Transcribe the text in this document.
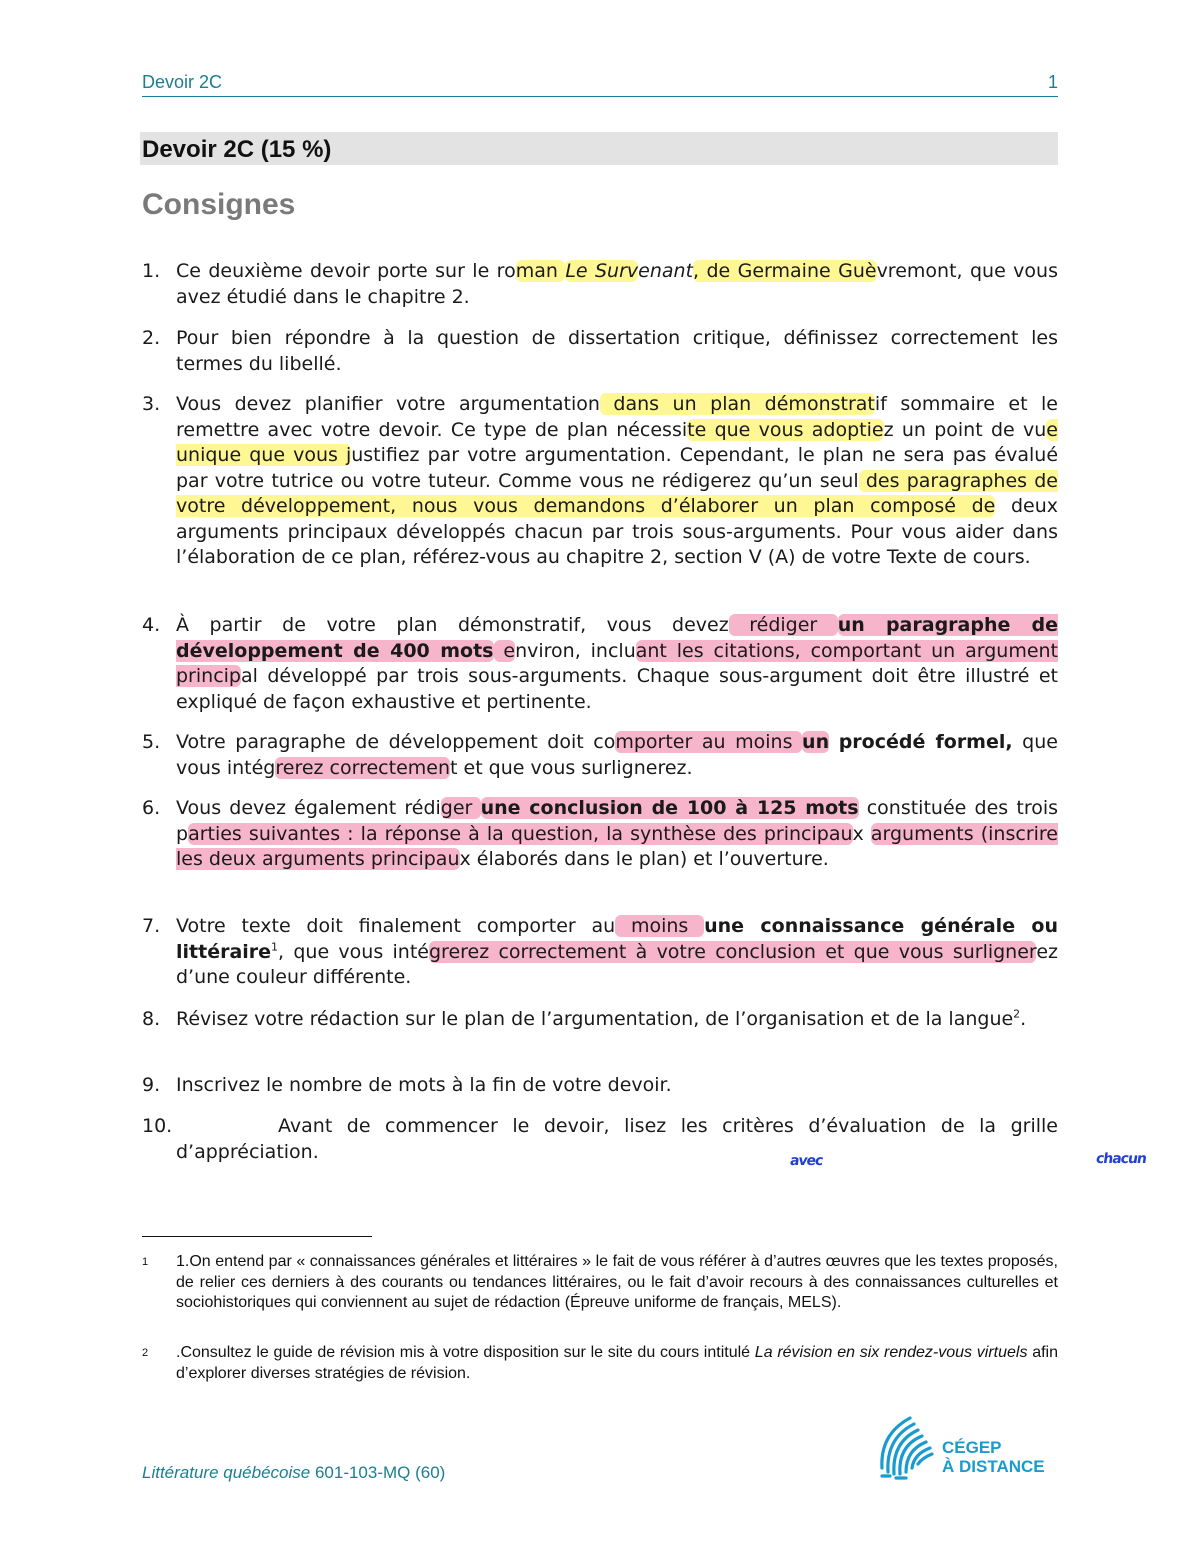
Devoir 2C	1
Devoir 2C (15 %)
Consignes
1. Ce deuxième devoir porte sur le roman Le Survenant, de Germaine Guèvremont, que vous avez étudié dans le chapitre 2.
2. Pour bien répondre à la question de dissertation critique, définissez correctement les termes du libellé.
3. Vous devez planifier votre argumentation dans un plan démonstratif sommaire et le remettre avec votre devoir. Ce type de plan nécessite que vous adoptiez un point de vue unique que vous justifiez par votre argumentation. Cependant, le plan ne sera pas évalué par votre tutrice ou votre tuteur. Comme vous ne rédigerez qu’un seul des paragraphes de votre développement, nous vous demandons d’élaborer un plan composé de deux arguments principaux développés chacun par trois sous-arguments. Pour vous aider dans l’élaboration de ce plan, référez-vous au chapitre 2, section V (A) de votre Texte de cours.
4. À partir de votre plan démonstratif, vous devez rédiger un paragraphe de développement de 400 mots environ, incluant les citations, comportant un argument principal développé par trois sous-arguments. Chaque sous-argument doit être illustré et expliqué de façon exhaustive et pertinente.
5. Votre paragraphe de développement doit comporter au moins un procédé formel, que vous intégrerez correctement et que vous surlignerez.
6. Vous devez également rédiger une conclusion de 100 à 125 mots constituée des trois parties suivantes : la réponse à la question, la synthèse des principaux arguments (inscrire les deux arguments principaux élaborés dans le plan) et l’ouverture.
7. Votre texte doit finalement comporter au moins une connaissance générale ou littéraire$^1$, que vous intégrerez correctement à votre conclusion et que vous surlignerez d’une couleur différente.
8. Révisez votre rédaction sur le plan de l’argumentation, de l’organisation et de la langue$^2$.
9. Inscrivez le nombre de mots à la fin de votre devoir.
10.	Avant de commencer le devoir, lisez les critères d’évaluation de la grille d’appréciation.	avec	chacun
1 1.On entend par « connaissances générales et littéraires » le fait de vous référer à d’autres œuvres que les textes proposés, de relier ces derniers à des courants ou tendances littéraires, ou le fait d’avoir recours à des connaissances culturelles et sociohistoriques qui conviennent au sujet de rédaction (Épreuve uniforme de français, MELS).
2 .Consultez le guide de révision mis à votre disposition sur le site du cours intitulé La révision en six rendez-vous virtuels afin d’explorer diverses stratégies de révision.
Littérature québécoise 601-103-MQ (60)
CÉGEP
À DISTANCE
